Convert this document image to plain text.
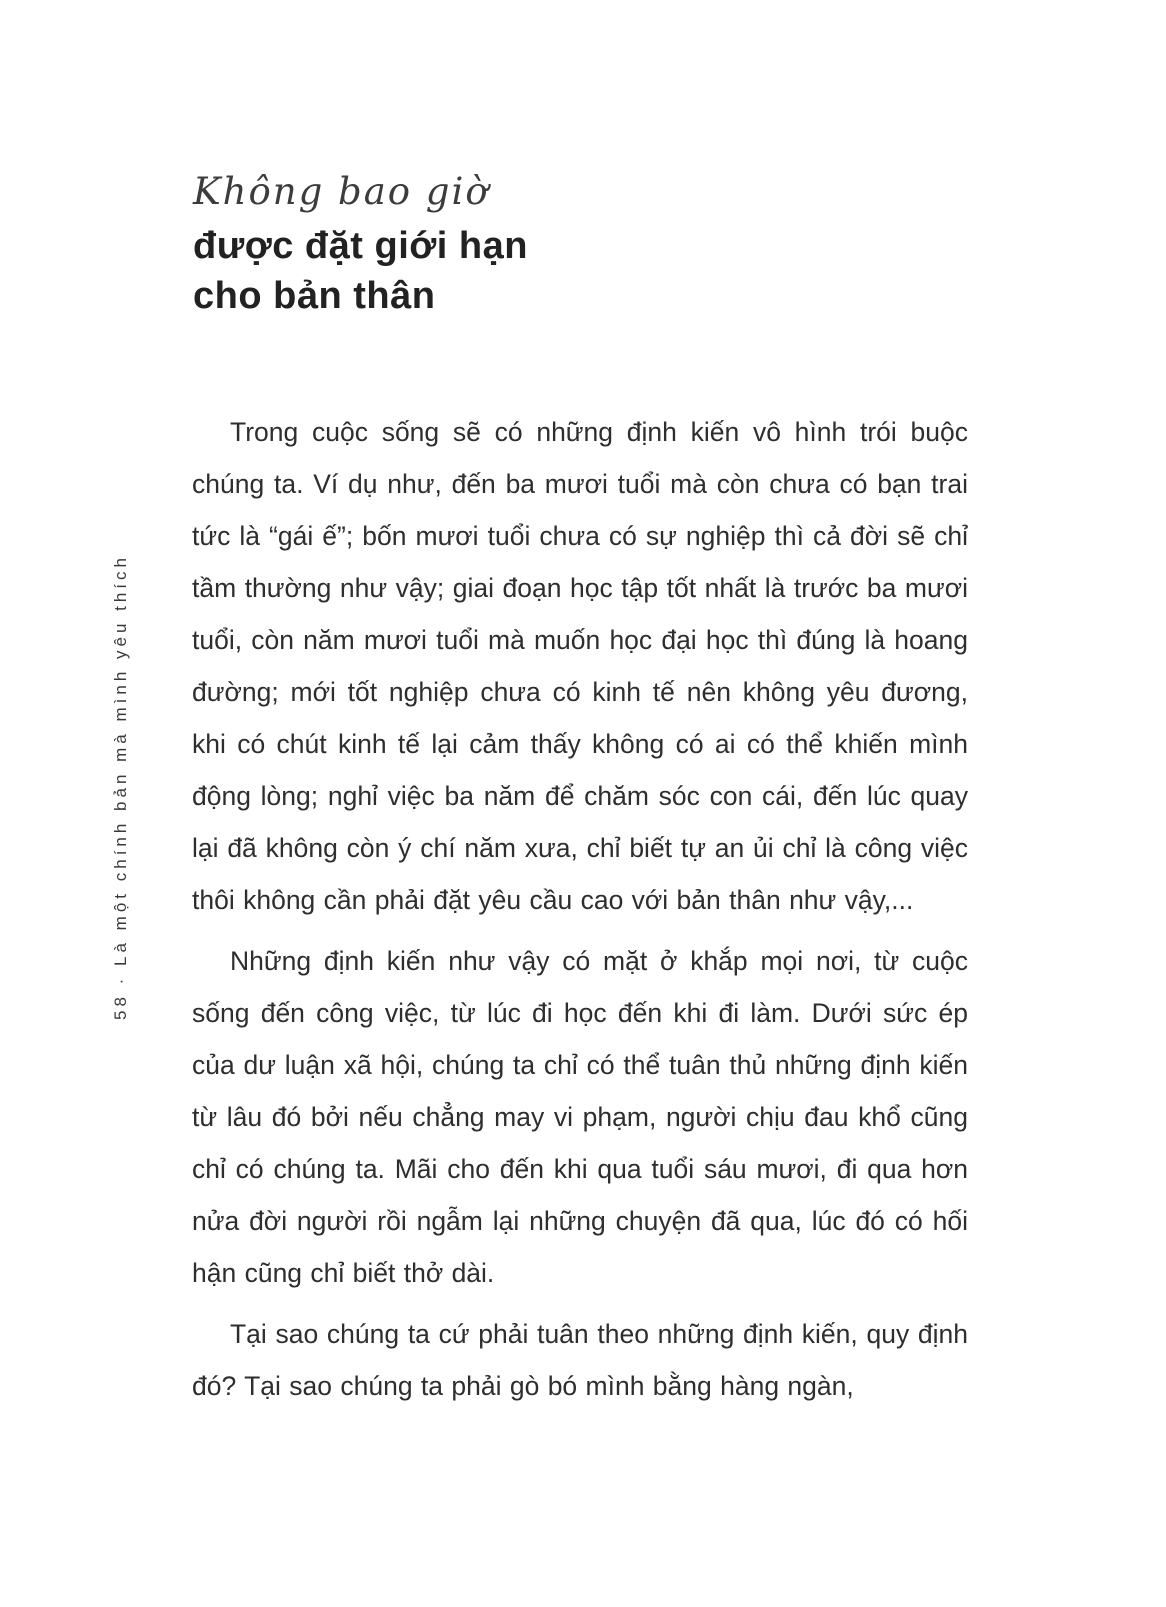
58 · Là một chính bản mà mình yêu thích
Không bao giờ
được đặt giới hạn
cho bản thân

Trong cuộc sống sẽ có những định kiến vô hình trói buộc chúng ta. Ví dụ như, đến ba mươi tuổi mà còn chưa có bạn trai tức là “gái ế”; bốn mươi tuổi chưa có sự nghiệp thì cả đời sẽ chỉ tầm thường như vậy; giai đoạn học tập tốt nhất là trước ba mươi tuổi, còn năm mươi tuổi mà muốn học đại học thì đúng là hoang đường; mới tốt nghiệp chưa có kinh tế nên không yêu đương, khi có chút kinh tế lại cảm thấy không có ai có thể khiến mình động lòng; nghỉ việc ba năm để chăm sóc con cái, đến lúc quay lại đã không còn ý chí năm xưa, chỉ biết tự an ủi chỉ là công việc thôi không cần phải đặt yêu cầu cao với bản thân như vậy,...

Những định kiến như vậy có mặt ở khắp mọi nơi, từ cuộc sống đến công việc, từ lúc đi học đến khi đi làm. Dưới sức ép của dư luận xã hội, chúng ta chỉ có thể tuân thủ những định kiến từ lâu đó bởi nếu chẳng may vi phạm, người chịu đau khổ cũng chỉ có chúng ta. Mãi cho đến khi qua tuổi sáu mươi, đi qua hơn nửa đời người rồi ngẫm lại những chuyện đã qua, lúc đó có hối hận cũng chỉ biết thở dài.

Tại sao chúng ta cứ phải tuân theo những định kiến, quy định đó? Tại sao chúng ta phải gò bó mình bằng hàng ngàn,
